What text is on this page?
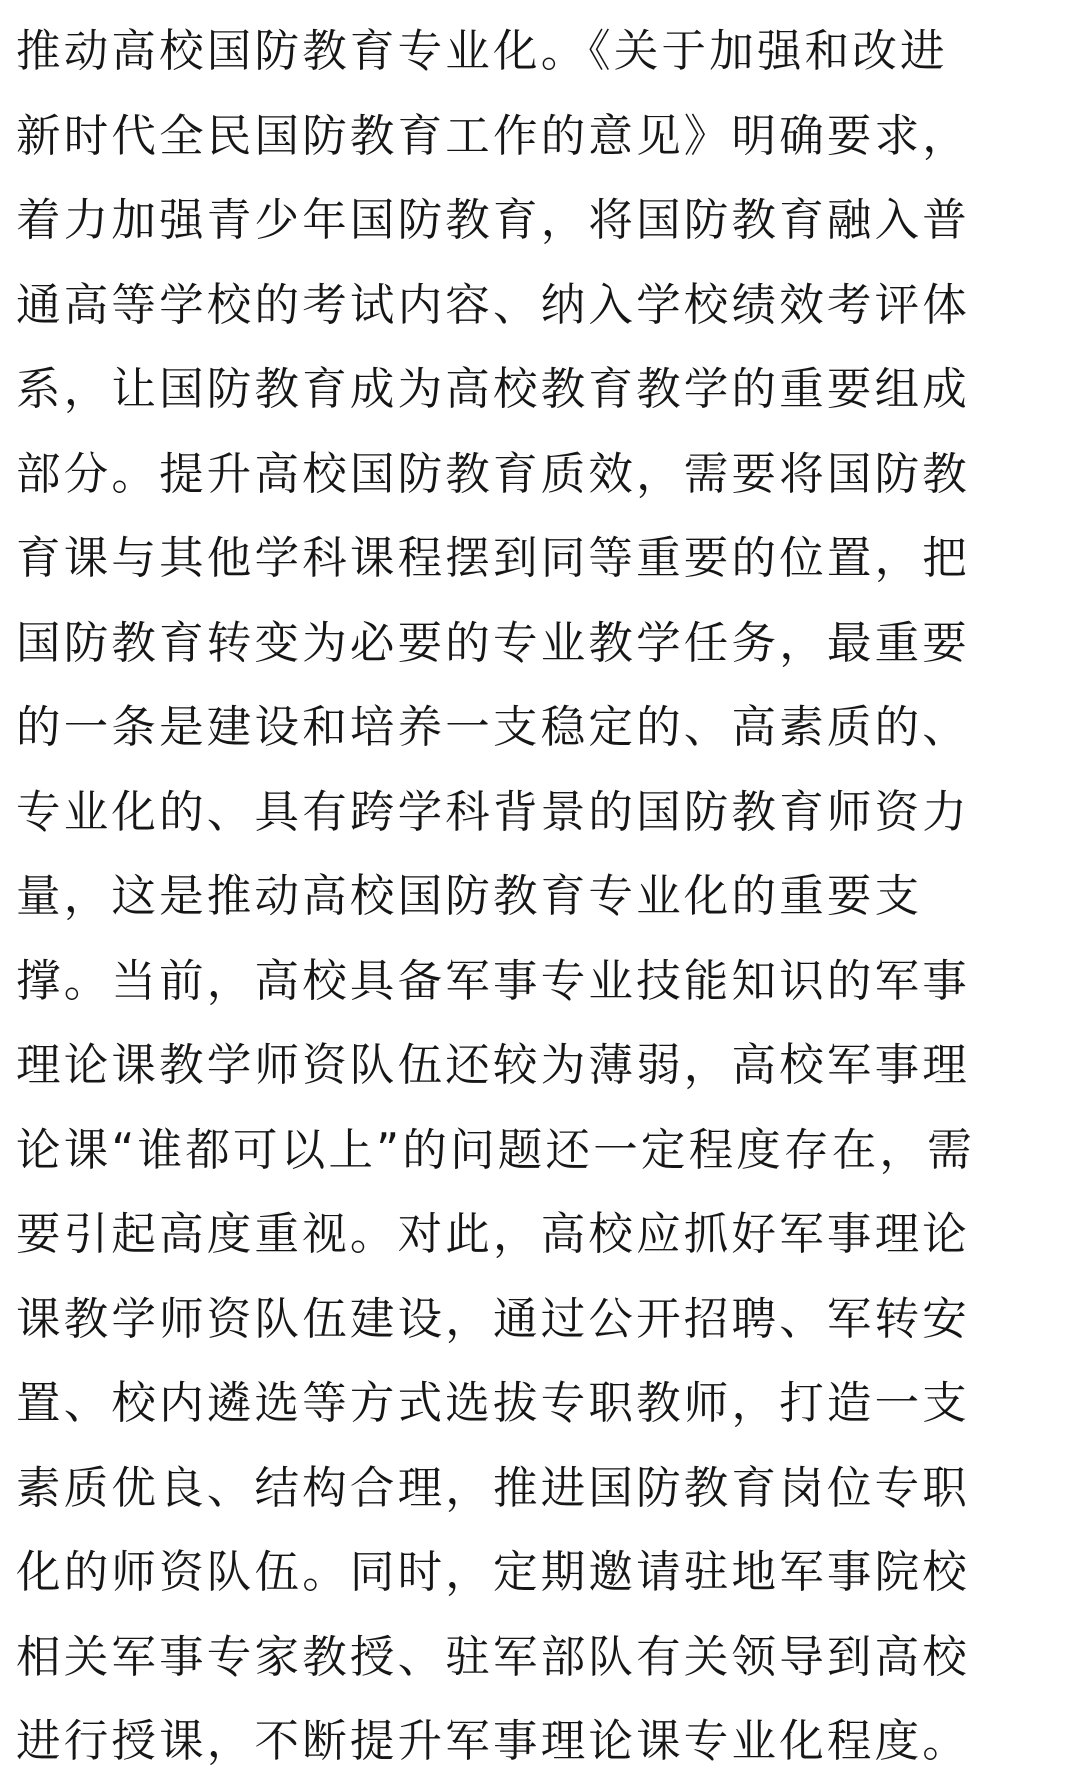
推动高校国防教育专业化。《关于加强和改进
新时代全民国防教育工作的意见》明确要求，
着力加强青少年国防教育，将国防教育融入普
通高等学校的考试内容、纳入学校绩效考评体
系，让国防教育成为高校教育教学的重要组成
部分。提升高校国防教育质效，需要将国防教
育课与其他学科课程摆到同等重要的位置，把
国防教育转变为必要的专业教学任务，最重要
的一条是建设和培养一支稳定的、高素质的、
专业化的、具有跨学科背景的国防教育师资力
量，这是推动高校国防教育专业化的重要支
撑。当前，高校具备军事专业技能知识的军事
理论课教学师资队伍还较为薄弱，高校军事理
论课“谁都可以上”的问题还一定程度存在，需
要引起高度重视。对此，高校应抓好军事理论
课教学师资队伍建设，通过公开招聘、军转安
置、校内遴选等方式选拔专职教师，打造一支
素质优良、结构合理，推进国防教育岗位专职
化的师资队伍。同时，定期邀请驻地军事院校
相关军事专家教授、驻军部队有关领导到高校
进行授课，不断提升军事理论课专业化程度。
